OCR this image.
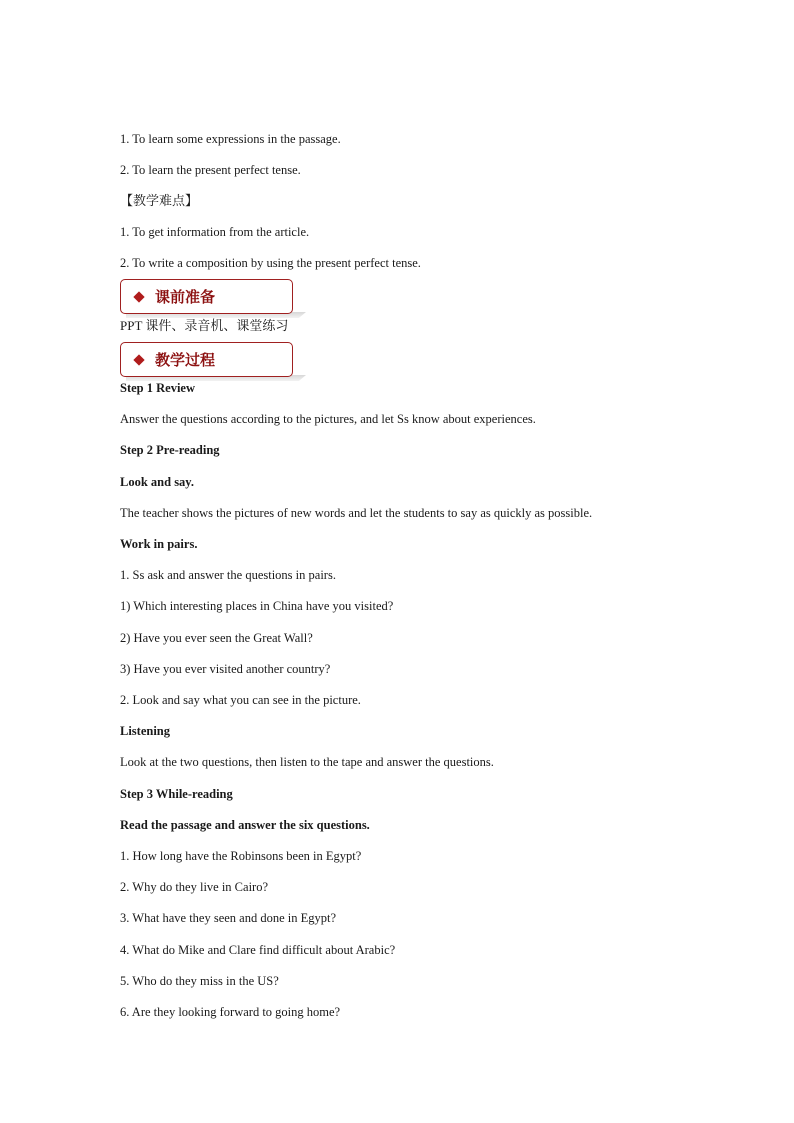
1. To learn some expressions in the passage.
2. To learn the present perfect tense.
【教学难点】
1. To get information from the article.
2. To write a composition by using the present perfect tense.
课前准备
PPT 课件、录音机、课堂练习
教学过程
Step 1 Review
Answer the questions according to the pictures, and let Ss know about experiences.
Step 2 Pre-reading
Look and say.
The teacher shows the pictures of new words and let the students to say as quickly as possible.
Work in pairs.
1. Ss ask and answer the questions in pairs.
1) Which interesting places in China have you visited?
2) Have you ever seen the Great Wall?
3) Have you ever visited another country?
2. Look and say what you can see in the picture.
Listening
Look at the two questions, then listen to the tape and answer the questions.
Step 3 While-reading
Read the passage and answer the six questions.
1. How long have the Robinsons been in Egypt?
2. Why do they live in Cairo?
3. What have they seen and done in Egypt?
4. What do Mike and Clare find difficult about Arabic?
5. Who do they miss in the US?
6. Are they looking forward to going home?
